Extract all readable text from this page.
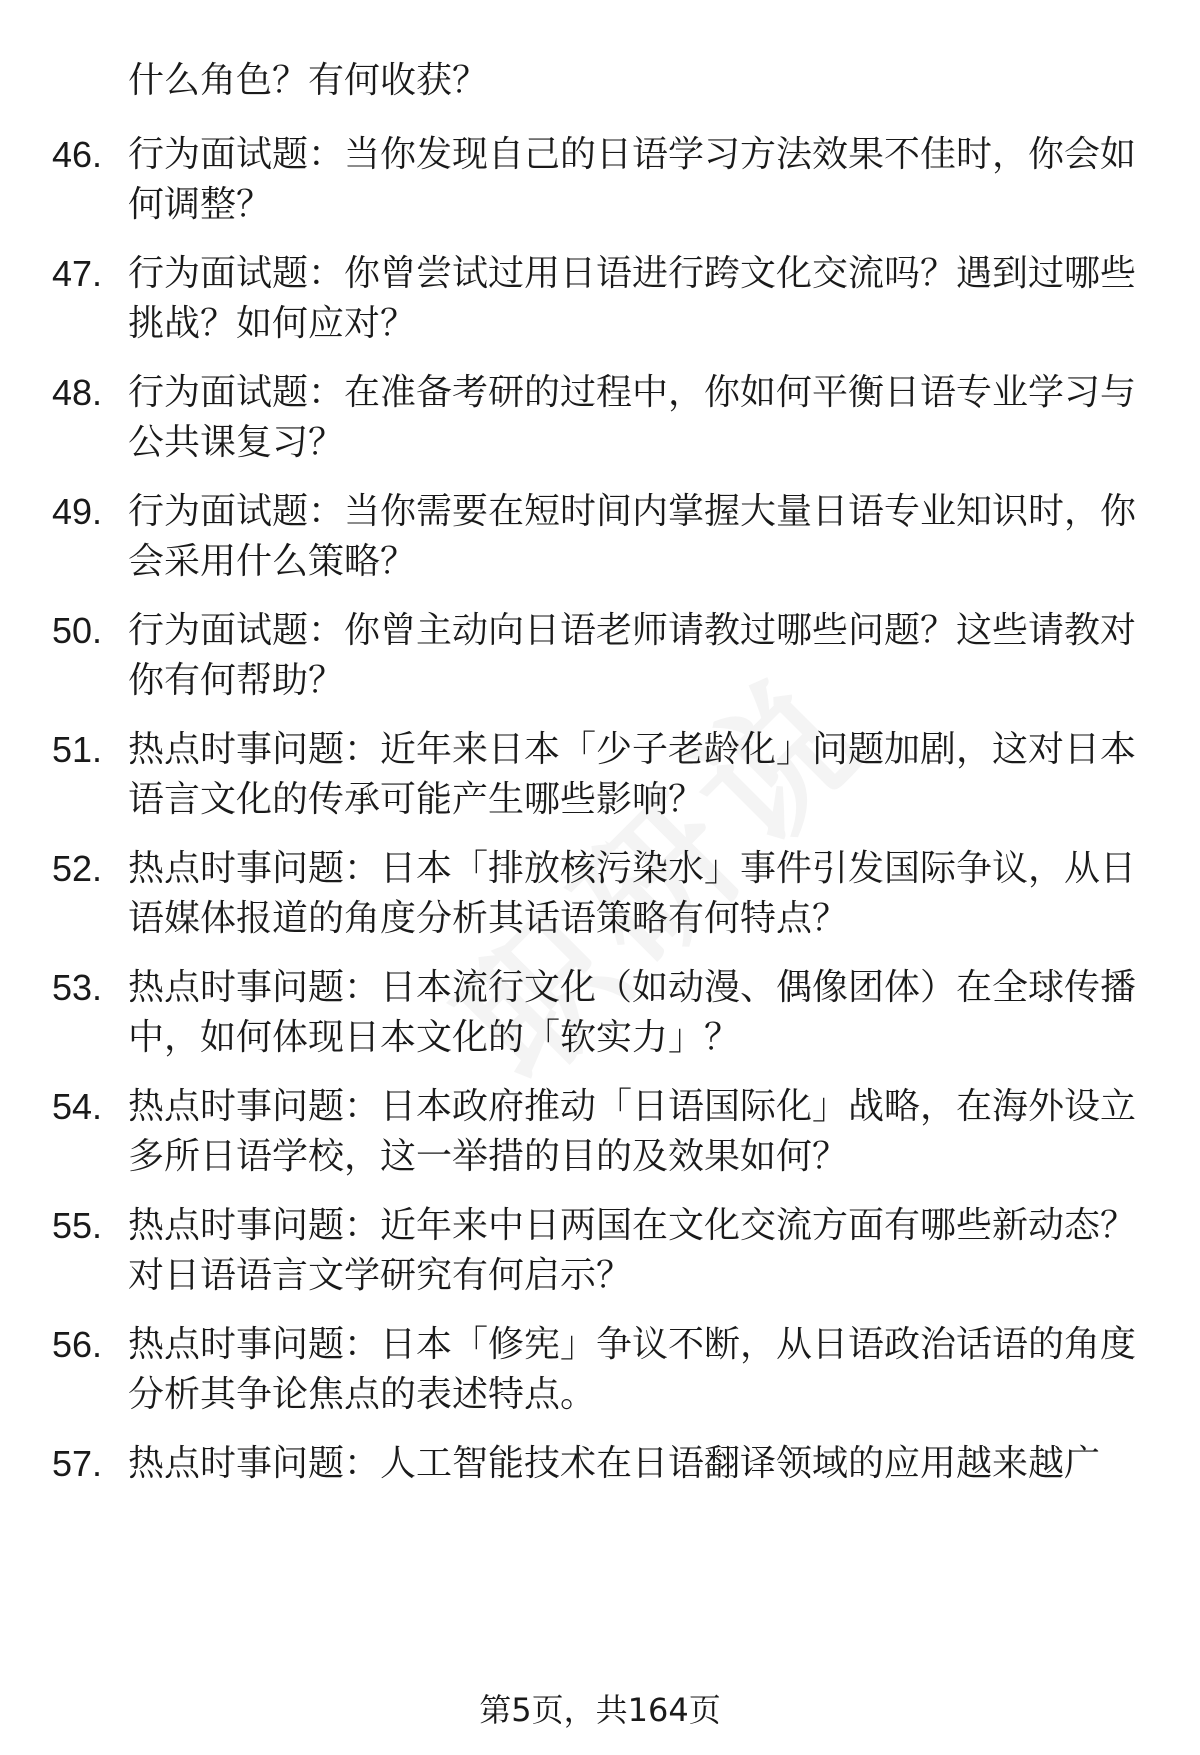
什么角色？有何收获？

46. 行为面试题：当你发现自己的日语学习方法效果不佳时，你会如何调整？

47. 行为面试题：你曾尝试过用日语进行跨文化交流吗？遇到过哪些挑战？如何应对？

48. 行为面试题：在准备考研的过程中，你如何平衡日语专业学习与公共课复习？

49. 行为面试题：当你需要在短时间内掌握大量日语专业知识时，你会采用什么策略？

50. 行为面试题：你曾主动向日语老师请教过哪些问题？这些请教对你有何帮助？

51. 热点时事问题：近年来日本「少子老龄化」问题加剧，这对日本语言文化的传承可能产生哪些影响？

52. 热点时事问题：日本「排放核污染水」事件引发国际争议，从日语媒体报道的角度分析其话语策略有何特点？

53. 热点时事问题：日本流行文化（如动漫、偶像团体）在全球传播中，如何体现日本文化的「软实力」？

54. 热点时事问题：日本政府推动「日语国际化」战略，在海外设立多所日语学校，这一举措的目的及效果如何？

55. 热点时事问题：近年来中日两国在文化交流方面有哪些新动态？对日语语言文学研究有何启示？

56. 热点时事问题：日本「修宪」争议不断，从日语政治话语的角度分析其争论焦点的表述特点。

57. 热点时事问题：人工智能技术在日语翻译领域的应用越来越广

第5页，共164页
